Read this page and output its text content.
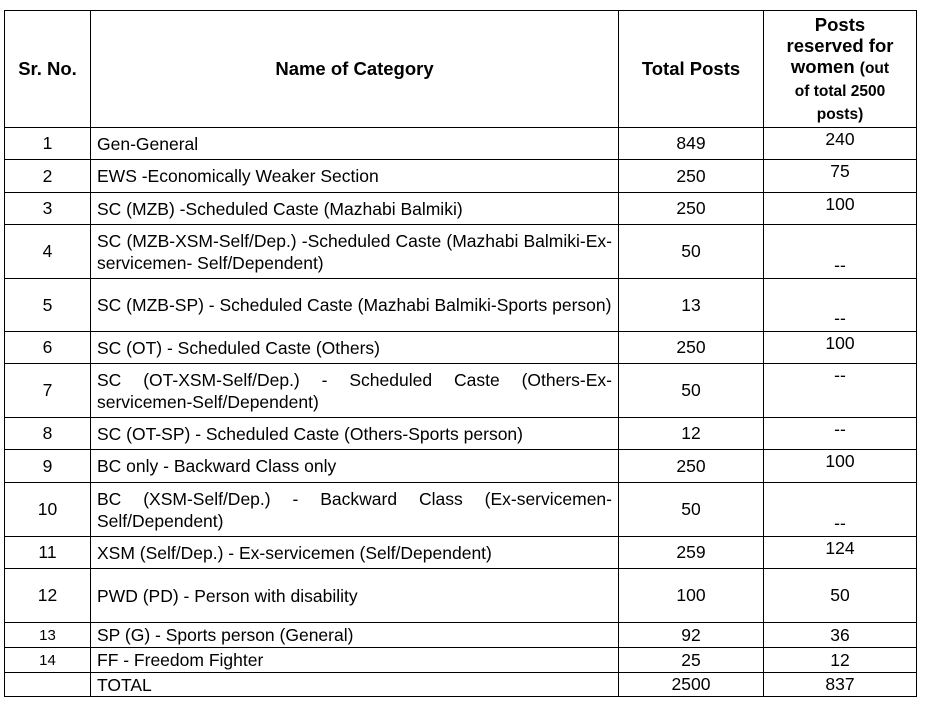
Sr. No.	Name of Category	Total Posts	Posts
reserved for
women (out
of total 2500
posts)
1	Gen-General	849	240
2	EWS -Economically Weaker Section	250	75
3	SC (MZB) -Scheduled Caste (Mazhabi Balmiki)	250	100
4	SC (MZB-XSM-Self/Dep.) -Scheduled Caste (Mazhabi Balmiki-Ex-servicemen- Self/Dependent)	50	--
5	SC (MZB-SP) - Scheduled Caste (Mazhabi Balmiki-Sports person)	13	--
6	SC (OT) - Scheduled Caste (Others)	250	100
7	SC (OT-XSM-Self/Dep.) - Scheduled Caste (Others-Ex-servicemen-Self/Dependent)	50	--
8	SC (OT-SP) - Scheduled Caste (Others-Sports person)	12	--
9	BC only - Backward Class only	250	100
10	BC (XSM-Self/Dep.) - Backward Class (Ex-servicemen-Self/Dependent)	50	--
11	XSM (Self/Dep.) - Ex-servicemen (Self/Dependent)	259	124
12	PWD (PD) - Person with disability	100	50
13	SP (G) - Sports person (General)	92	36
14	FF - Freedom Fighter	25	12
	TOTAL	2500	837
